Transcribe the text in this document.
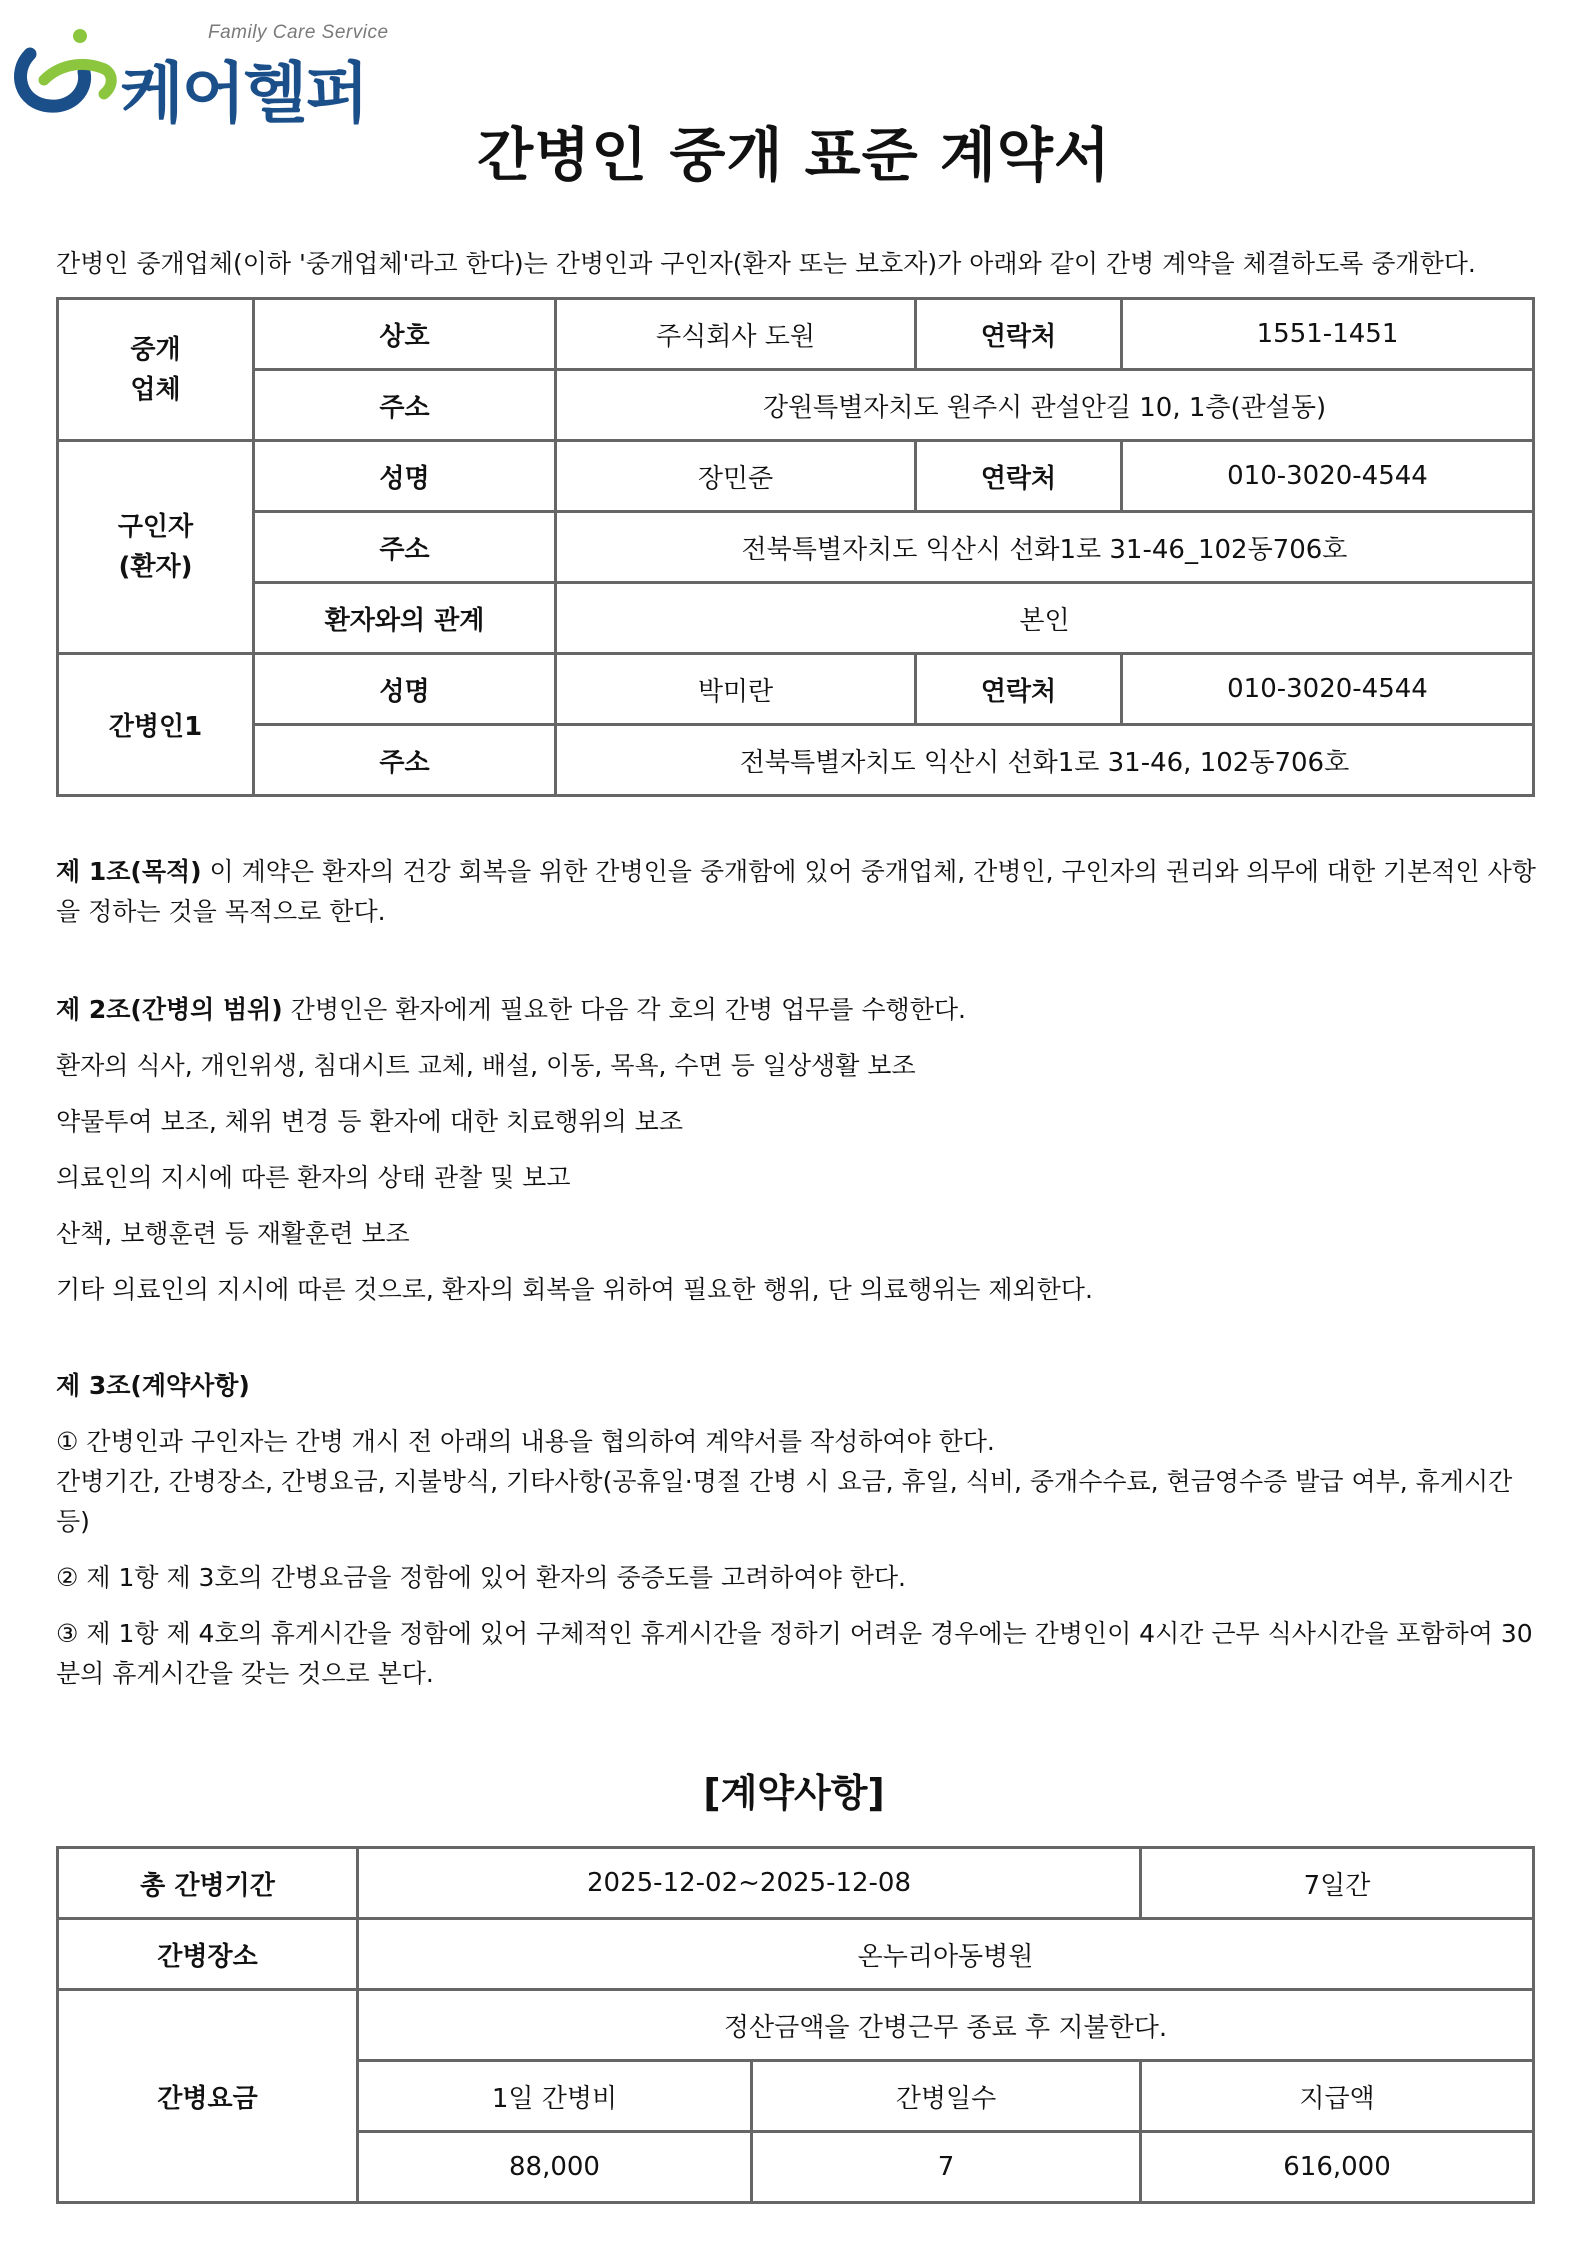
Family Care Service
케어헬퍼
간병인 중개 표준 계약서

간병인 중개업체(이하 '중개업체'라고 한다)는 간병인과 구인자(환자 또는 보호자)가 아래와 같이 간병 계약을 체결하도록 중개한다.

중개
업체	상호	주식회사 도원	연락처	1551-1451
	주소	강원특별자치도 원주시 관설안길 10, 1층(관설동)		
구인자
(환자)	성명	장민준	연락처	010-3020-4544
	주소	전북특별자치도 익산시 선화1로 31-46_102동706호		
	환자와의 관계	본인		
간병인1	성명	박미란	연락처	010-3020-4544
	주소	전북특별자치도 익산시 선화1로 31-46, 102동706호		

제 1조(목적) 이 계약은 환자의 건강 회복을 위한 간병인을 중개함에 있어 중개업체, 간병인, 구인자의 권리와 의무에 대한 기본적인 사항을 정하는 것을 목적으로 한다.

제 2조(간병의 범위) 간병인은 환자에게 필요한 다음 각 호의 간병 업무를 수행한다.

환자의 식사, 개인위생, 침대시트 교체, 배설, 이동, 목욕, 수면 등 일상생활 보조

약물투여 보조, 체위 변경 등 환자에 대한 치료행위의 보조

의료인의 지시에 따른 환자의 상태 관찰 및 보고

산책, 보행훈련 등 재활훈련 보조

기타 의료인의 지시에 따른 것으로, 환자의 회복을 위하여 필요한 행위, 단 의료행위는 제외한다.

제 3조(계약사항)

① 간병인과 구인자는 간병 개시 전 아래의 내용을 협의하여 계약서를 작성하여야 한다.

간병기간, 간병장소, 간병요금, 지불방식, 기타사항(공휴일·명절 간병 시 요금, 휴일, 식비, 중개수수료, 현금영수증 발급 여부, 휴게시간 등)

② 제 1항 제 3호의 간병요금을 정함에 있어 환자의 중증도를 고려하여야 한다.

③ 제 1항 제 4호의 휴게시간을 정함에 있어 구체적인 휴게시간을 정하기 어려운 경우에는 간병인이 4시간 근무 식사시간을 포함하여 30분의 휴게시간을 갖는 것으로 본다.

[계약사항]
총 간병기간	2025-12-02~2025-12-08		7일간
간병장소	온누리아동병원		
간병요금	정산금액을 간병근무 종료 후 지불한다.		
	1일 간병비	간병일수	지급액
	88,000	7	616,000
